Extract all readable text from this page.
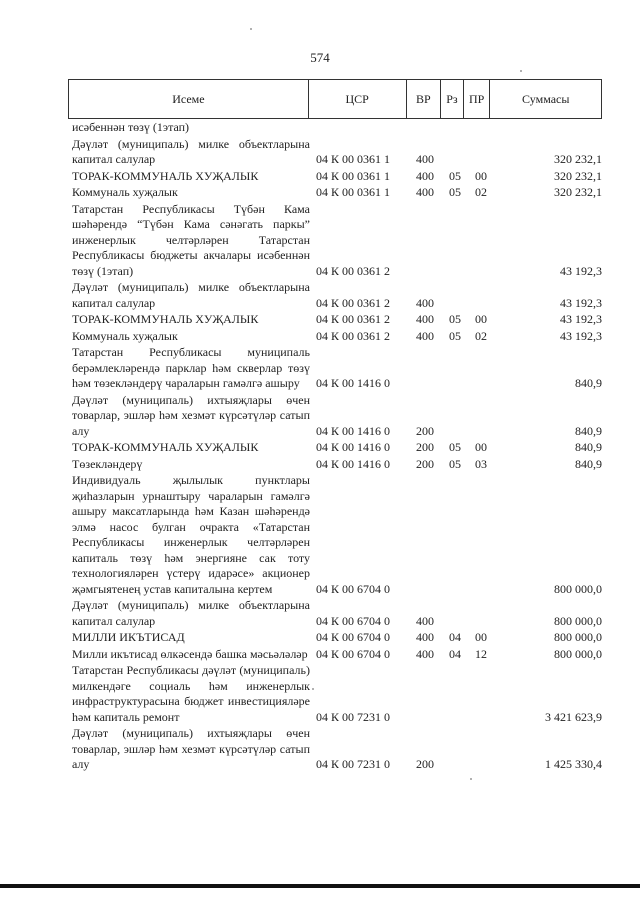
574
Исеме	ЦСР	ВР	Рз ПР	Суммасы
исәбеннән төзү (1этап)
Дәүләт (муниципаль) милке объектларына капитал салулар	04 К 00 0361 1	400	320 232,1
ТОРАК-КОММУНАЛЬ ХУҖАЛЫК	04 К 00 0361 1	400	05	00	320 232,1
Коммуналь хуҗалык	04 К 00 0361 1	400	05	02	320 232,1
Татарстан Республикасы Түбән Кама шәһәрендә “Түбән Кама сәнәгать паркы” инженерлык челтәрләрен Татарстан Республикасы бюджеты акчалары исәбеннән төзү (1этап)	04 К 00 0361 2	43 192,3
Дәүләт (муниципаль) милке объектларына капитал салулар	04 К 00 0361 2	400	43 192,3
ТОРАК-КОММУНАЛЬ ХУҖАЛЫК	04 К 00 0361 2	400	05	00	43 192,3
Коммуналь хуҗалык	04 К 00 0361 2	400	05	02	43 192,3
Татарстан Республикасы муниципаль берәмлекләрендә парклар һәм скверлар төзү һәм төзекләндерү чараларын гамәлгә ашыру	04 К 00 1416 0	840,9
Дәүләт (муниципаль) ихтыяҗлары өчен товарлар, эшләр һәм хезмәт күрсәтүләр сатып алу	04 К 00 1416 0	200	840,9
ТОРАК-КОММУНАЛЬ ХУҖАЛЫК	04 К 00 1416 0	200	05	00	840,9
Төзекләндерү	04 К 00 1416 0	200	05	03	840,9
Индивидуаль җылылык пунктлары җиһазларын урнаштыру чараларын гамәлгә ашыру максатларында һәм Казан шәһәрендә элмә насос булган очракта «Татарстан Республикасы инженерлык челтәрләрен капиталь төзү һәм энергияне сак тоту технологияләрен үстерү идарәсе» акционер җәмгыятенең устав капиталына кертем	04 К 00 6704 0	800 000,0
Дәүләт (муниципаль) милке объектларына капитал салулар	04 К 00 6704 0	400	800 000,0
МИЛЛИ ИКЪТИСАД	04 К 00 6704 0	400	04	00	800 000,0
Милли икътисад өлкәсендә башка мәсьәләләр 04 К 00 6704 0	400	04	12	800 000,0
Татарстан Республикасы дәүләт (муниципаль) милкендәге социаль һәм инженерлык инфраструктурасына бюджет инвестицияләре һәм капиталь ремонт	04 К 00 7231 0	3 421 623,9
Дәүләт (муниципаль) ихтыяҗлары өчен товарлар, эшләр һәм хезмәт күрсәтүләр сатып алу	04 К 00 7231 0	200	1 425 330,4
